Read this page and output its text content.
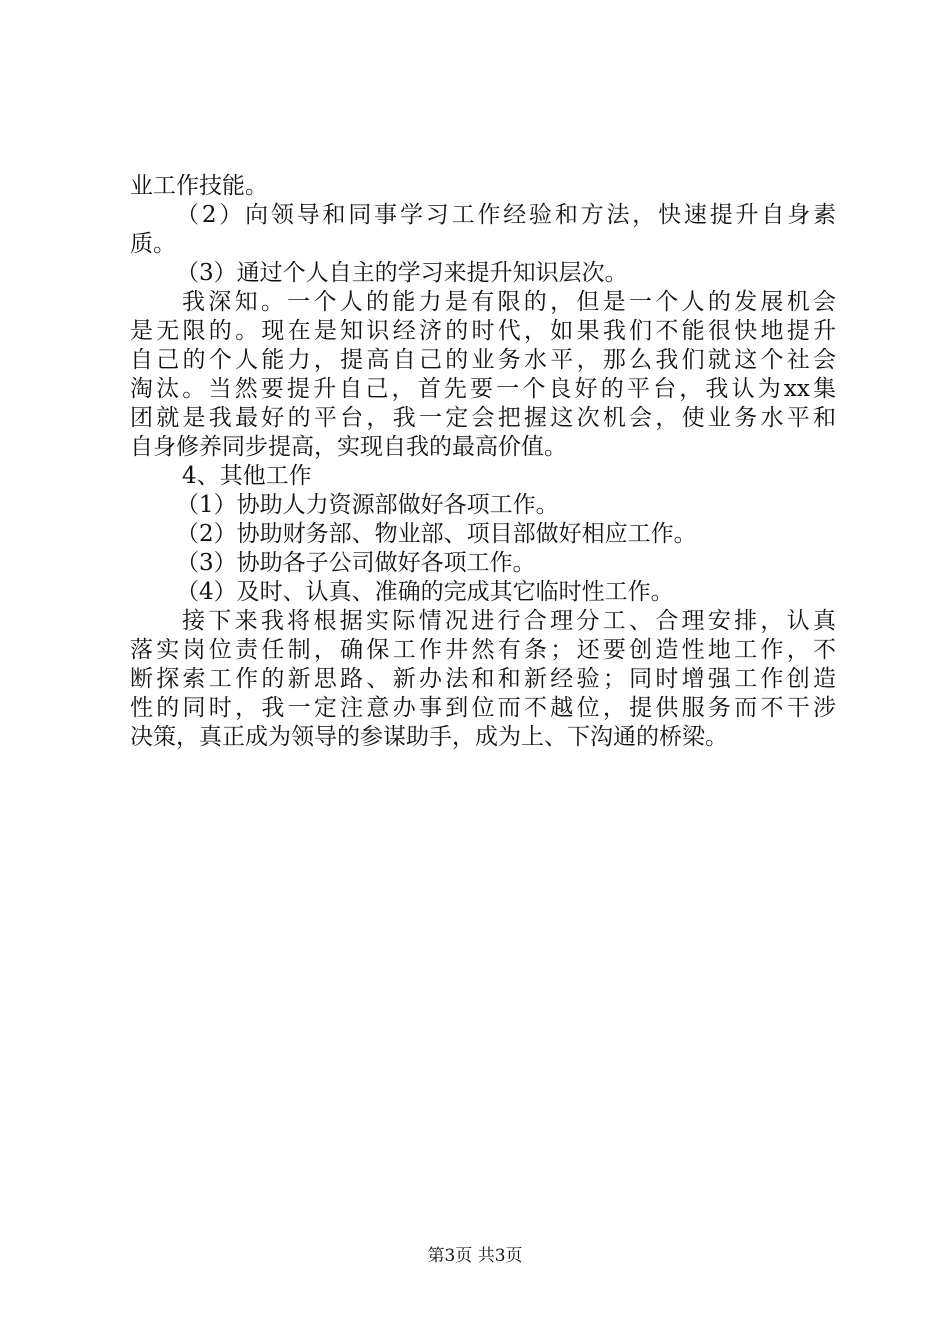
业工作技能。
（2）向领导和同事学习工作经验和方法，快速提升自身素
质。
（3）通过个人自主的学习来提升知识层次。
我深知。一个人的能力是有限的，但是一个人的发展机会
是无限的。现在是知识经济的时代，如果我们不能很快地提升
自己的个人能力，提高自己的业务水平，那么我们就这个社会
淘汰。当然要提升自己，首先要一个良好的平台，我认为xx集
团就是我最好的平台，我一定会把握这次机会，使业务水平和
自身修养同步提高，实现自我的最高价值。
4、其他工作
（1）协助人力资源部做好各项工作。
（2）协助财务部、物业部、项目部做好相应工作。
（3）协助各子公司做好各项工作。
（4）及时、认真、准确的完成其它临时性工作。
接下来我将根据实际情况进行合理分工、合理安排，认真
落实岗位责任制，确保工作井然有条；还要创造性地工作，不
断探索工作的新思路、新办法和和新经验；同时增强工作创造
性的同时，我一定注意办事到位而不越位，提供服务而不干涉
决策，真正成为领导的参谋助手，成为上、下沟通的桥梁。
第3页 共3页
